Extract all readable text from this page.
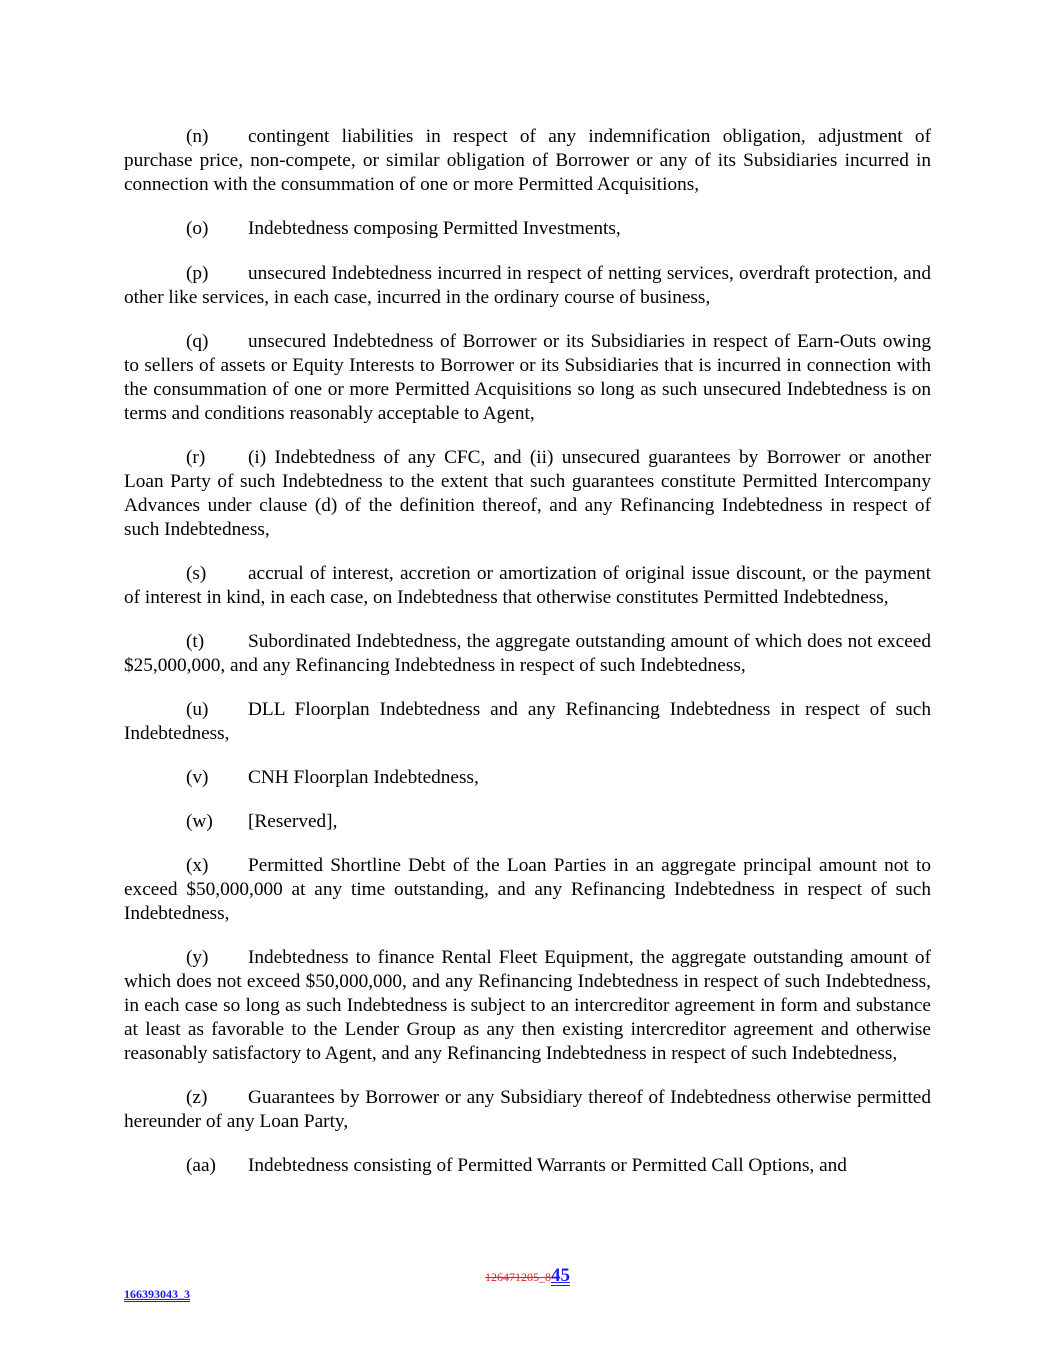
(n) contingent liabilities in respect of any indemnification obligation, adjustment of purchase price, non-compete, or similar obligation of Borrower or any of its Subsidiaries incurred in connection with the consummation of one or more Permitted Acquisitions,

(o) Indebtedness composing Permitted Investments,

(p) unsecured Indebtedness incurred in respect of netting services, overdraft protection, and other like services, in each case, incurred in the ordinary course of business,

(q) unsecured Indebtedness of Borrower or its Subsidiaries in respect of Earn-Outs owing to sellers of assets or Equity Interests to Borrower or its Subsidiaries that is incurred in connection with the consummation of one or more Permitted Acquisitions so long as such unsecured Indebtedness is on terms and conditions reasonably acceptable to Agent,

(r) (i) Indebtedness of any CFC, and (ii) unsecured guarantees by Borrower or another Loan Party of such Indebtedness to the extent that such guarantees constitute Permitted Intercompany Advances under clause (d) of the definition thereof, and any Refinancing Indebtedness in respect of such Indebtedness,

(s) accrual of interest, accretion or amortization of original issue discount, or the payment of interest in kind, in each case, on Indebtedness that otherwise constitutes Permitted Indebtedness,

(t) Subordinated Indebtedness, the aggregate outstanding amount of which does not exceed $25,000,000, and any Refinancing Indebtedness in respect of such Indebtedness,

(u) DLL Floorplan Indebtedness and any Refinancing Indebtedness in respect of such Indebtedness,

(v) CNH Floorplan Indebtedness,

(w) [Reserved],

(x) Permitted Shortline Debt of the Loan Parties in an aggregate principal amount not to exceed $50,000,000 at any time outstanding, and any Refinancing Indebtedness in respect of such Indebtedness,

(y) Indebtedness to finance Rental Fleet Equipment, the aggregate outstanding amount of which does not exceed $50,000,000, and any Refinancing Indebtedness in respect of such Indebtedness, in each case so long as such Indebtedness is subject to an intercreditor agreement in form and substance at least as favorable to the Lender Group as any then existing intercreditor agreement and otherwise reasonably satisfactory to Agent, and any Refinancing Indebtedness in respect of such Indebtedness,

(z) Guarantees by Borrower or any Subsidiary thereof of Indebtedness otherwise permitted hereunder of any Loan Party,

(aa) Indebtedness consisting of Permitted Warrants or Permitted Call Options, and

126471205_845
166393043_3
